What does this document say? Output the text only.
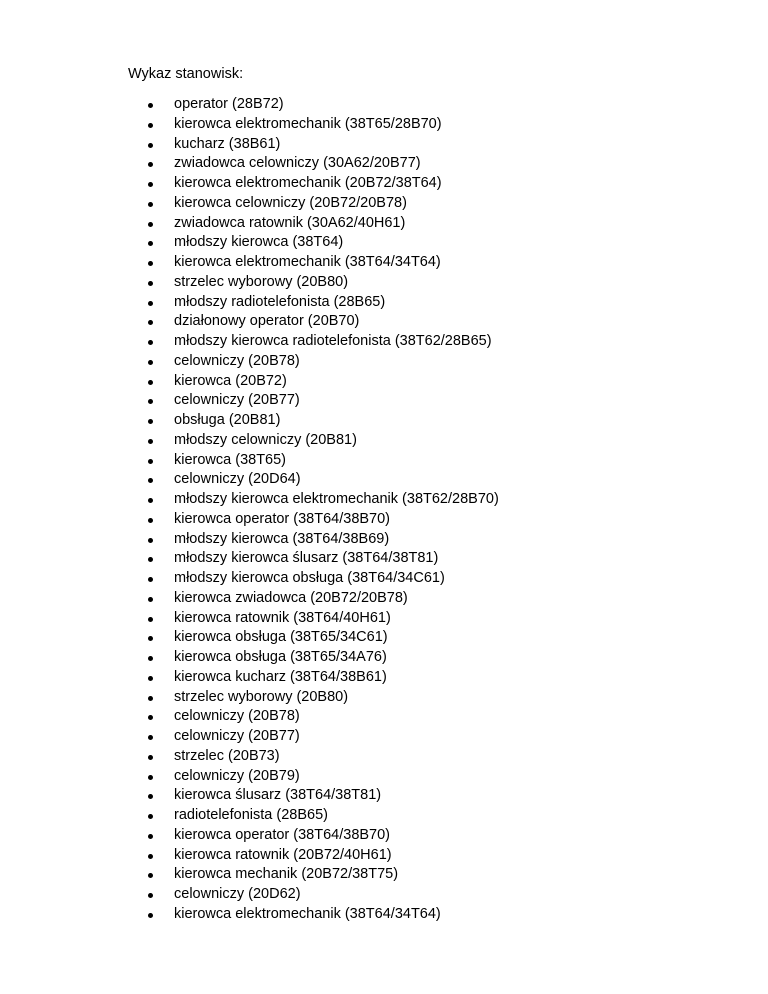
Wykaz stanowisk:
operator (28B72)
kierowca elektromechanik (38T65/28B70)
kucharz (38B61)
zwiadowca celowniczy (30A62/20B77)
kierowca elektromechanik (20B72/38T64)
kierowca celowniczy (20B72/20B78)
zwiadowca ratownik (30A62/40H61)
młodszy kierowca (38T64)
kierowca elektromechanik (38T64/34T64)
strzelec wyborowy (20B80)
młodszy radiotelefonista (28B65)
działonowy operator (20B70)
młodszy kierowca radiotelefonista (38T62/28B65)
celowniczy (20B78)
kierowca (20B72)
celowniczy (20B77)
obsługa (20B81)
młodszy celowniczy (20B81)
kierowca (38T65)
celowniczy (20D64)
młodszy kierowca elektromechanik (38T62/28B70)
kierowca operator (38T64/38B70)
młodszy kierowca (38T64/38B69)
młodszy kierowca ślusarz (38T64/38T81)
młodszy kierowca obsługa (38T64/34C61)
kierowca zwiadowca (20B72/20B78)
kierowca ratownik (38T64/40H61)
kierowca obsługa (38T65/34C61)
kierowca obsługa (38T65/34A76)
kierowca kucharz (38T64/38B61)
strzelec wyborowy (20B80)
celowniczy (20B78)
celowniczy (20B77)
strzelec (20B73)
celowniczy (20B79)
kierowca ślusarz (38T64/38T81)
radiotelefonista (28B65)
kierowca operator (38T64/38B70)
kierowca ratownik (20B72/40H61)
kierowca mechanik (20B72/38T75)
celowniczy (20D62)
kierowca elektromechanik (38T64/34T64)
